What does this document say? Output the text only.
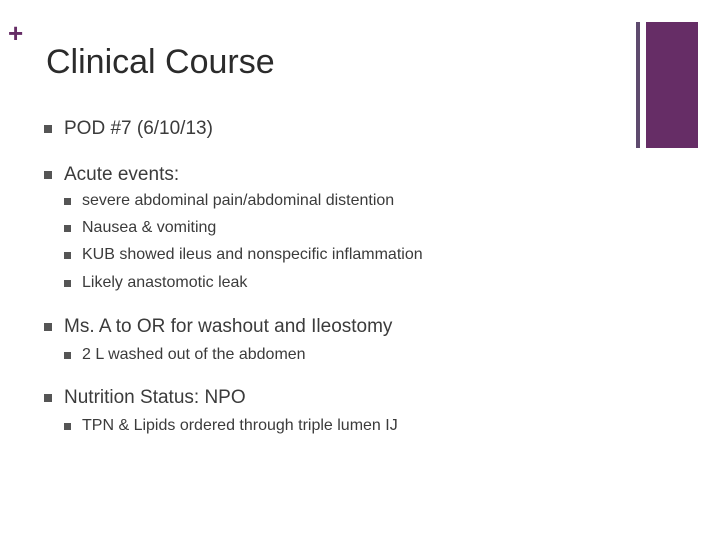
+
Clinical Course
POD #7 (6/10/13)
Acute events:
severe abdominal pain/abdominal distention
Nausea & vomiting
KUB showed ileus and nonspecific inflammation
Likely anastomotic leak
Ms. A to OR for washout and Ileostomy
2 L washed out of the abdomen
Nutrition Status: NPO
TPN & Lipids ordered through triple lumen IJ
